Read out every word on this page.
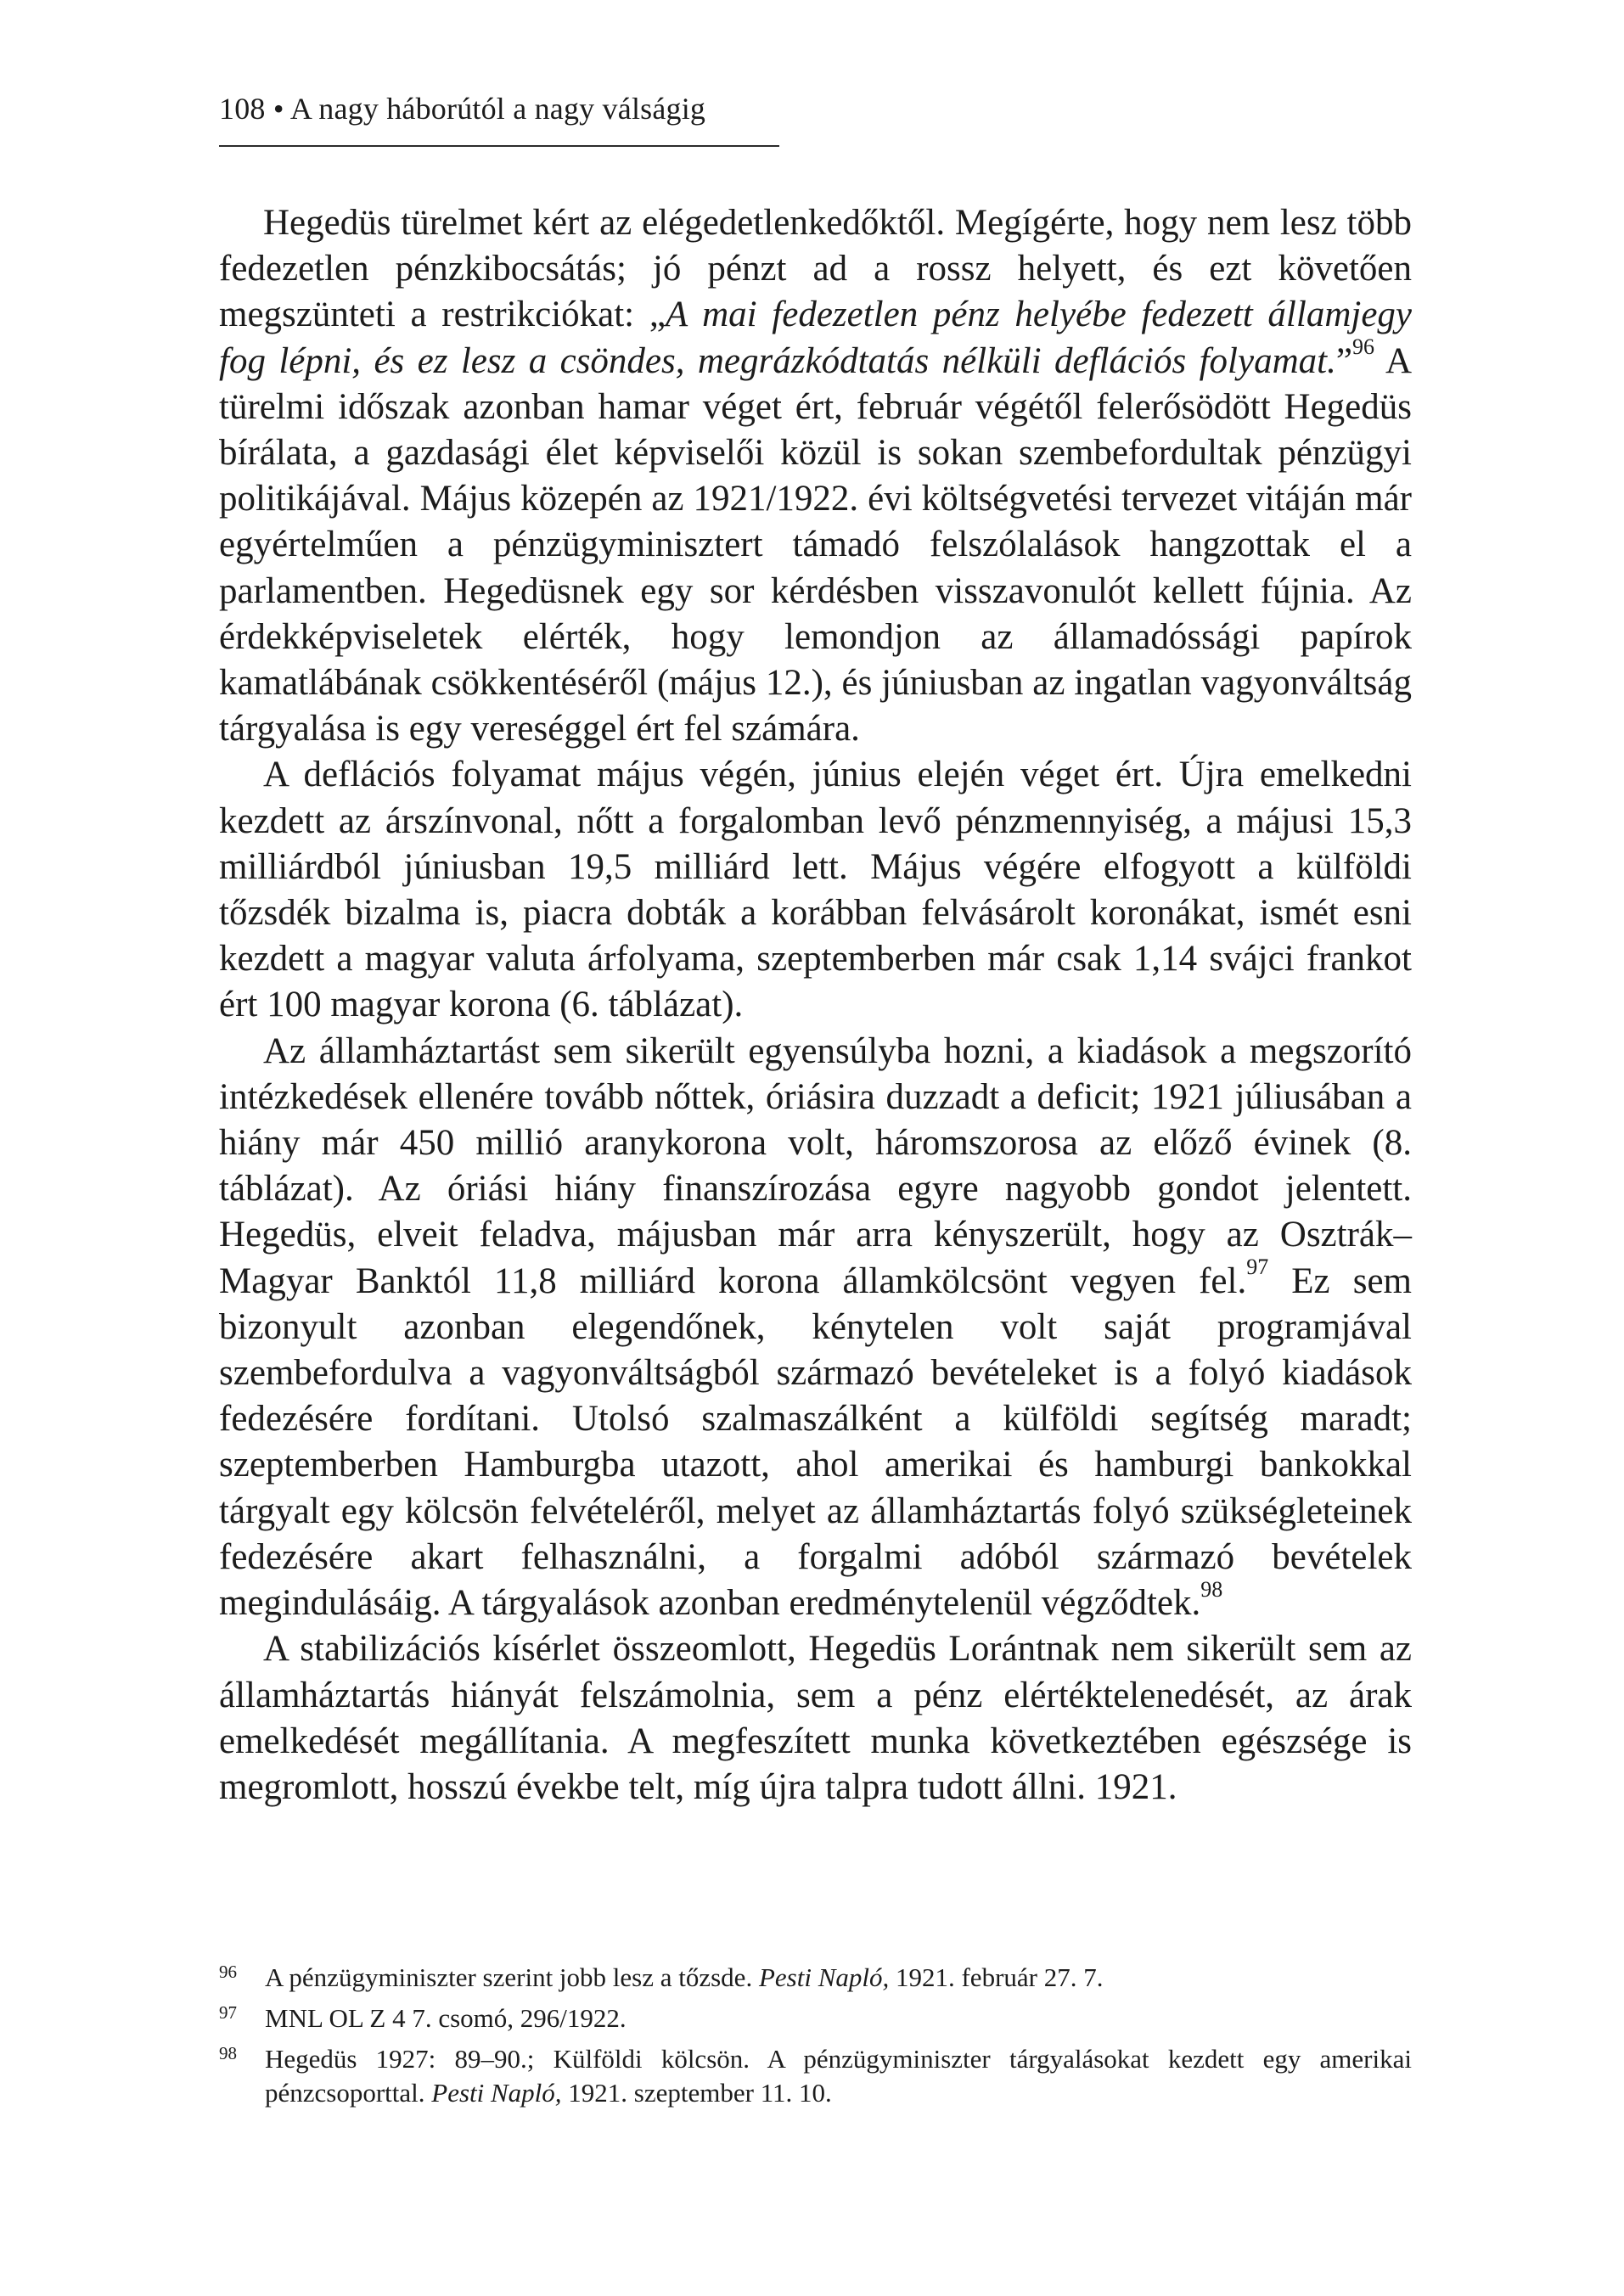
108 • A nagy háborútól a nagy válságig

Hegedüs türelmet kért az elégedetlenkedőktől. Megígérte, hogy nem lesz több fedezetlen pénzkibocsátás; jó pénzt ad a rossz helyett, és ezt követően megszünteti a restrikciókat: „A mai fedezetlen pénz helyébe fedezett államjegy fog lépni, és ez lesz a csöndes, megrázkódtatás nélküli deflációs folyamat.”$^{96}$ A türelmi időszak azonban hamar véget ért, február végétől felerősödött Hegedüs bírálata, a gazdasági élet képviselői közül is sokan szembefordultak pénzügyi politikájával. Május közepén az 1921/1922. évi költségvetési tervezet vitáján már egyértelműen a pénzügyminisztert támadó felszólalások hangzottak el a parlamentben. Hegedüsnek egy sor kérdésben visszavonulót kellett fújnia. Az érdekképviseletek elérték, hogy lemondjon az államadóssági papírok kamatlábának csökkentéséről (május 12.), és júniusban az ingatlan vagyonváltság tárgyalása is egy vereséggel ért fel számára.

A deflációs folyamat május végén, június elején véget ért. Újra emelkedni kezdett az árszínvonal, nőtt a forgalomban levő pénzmennyiség, a májusi 15,3 milliárdból júniusban 19,5 milliárd lett. Május végére elfogyott a külföldi tőzsdék bizalma is, piacra dobták a korábban felvásárolt koronákat, ismét esni kezdett a magyar valuta árfolyama, szeptemberben már csak 1,14 svájci frankot ért 100 magyar korona (6. táblázat).

Az államháztartást sem sikerült egyensúlyba hozni, a kiadások a megszorító intézkedések ellenére tovább nőttek, óriásira duzzadt a deficit; 1921 júliusában a hiány már 450 millió aranykorona volt, háromszorosa az előző évinek (8. táblázat). Az óriási hiány finanszírozása egyre nagyobb gondot jelentett. Hegedüs, elveit feladva, májusban már arra kényszerült, hogy az Osztrák–Magyar Banktól 11,8 milliárd korona államkölcsönt vegyen fel.$^{97}$ Ez sem bizonyult azonban elegendőnek, kénytelen volt saját programjával szembefordulva a vagyonváltságból származó bevételeket is a folyó kiadások fedezésére fordítani. Utolsó szalmaszálként a külföldi segítség maradt; szeptemberben Hamburgba utazott, ahol amerikai és hamburgi bankokkal tárgyalt egy kölcsön felvételéről, melyet az államháztartás folyó szükségleteinek fedezésére akart felhasználni, a forgalmi adóból származó bevételek megindulásáig. A tárgyalások azonban eredménytelenül végződtek.$^{98}$

A stabilizációs kísérlet összeomlott, Hegedüs Lorántnak nem sikerült sem az államháztartás hiányát felszámolnia, sem a pénz elértéktelenedését, az árak emelkedését megállítania. A megfeszített munka következtében egészsége is megromlott, hosszú évekbe telt, míg újra talpra tudott állni. 1921.

96 A pénzügyminiszter szerint jobb lesz a tőzsde. Pesti Napló, 1921. február 27. 7.
97 MNL OL Z 4 7. csomó, 296/1922.
98 Hegedüs 1927: 89–90.; Külföldi kölcsön. A pénzügyminiszter tárgyalásokat kezdett egy amerikai pénzcsoporttal. Pesti Napló, 1921. szeptember 11. 10.
